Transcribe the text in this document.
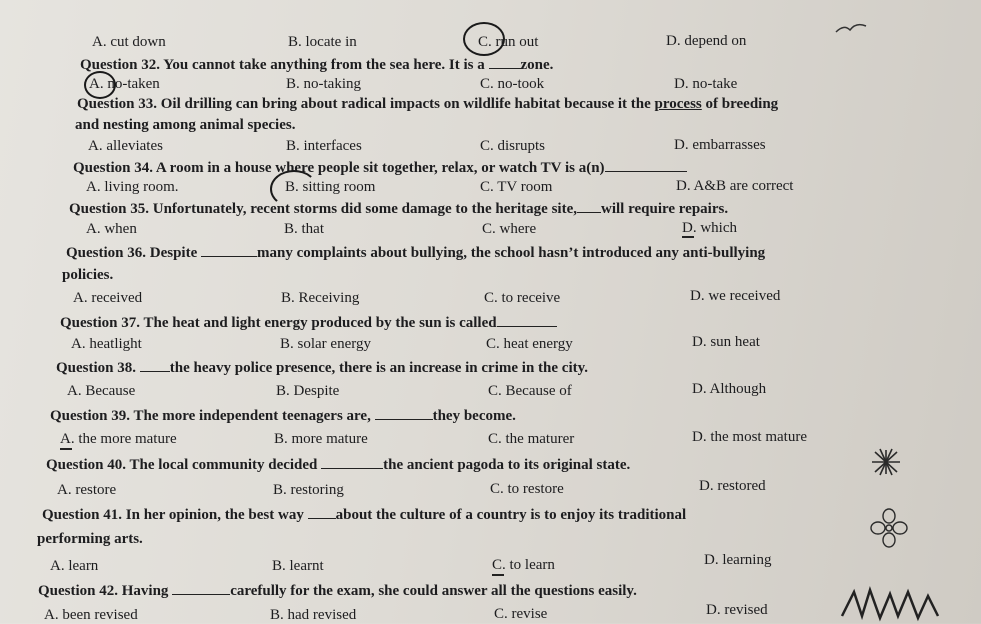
A. cut down	B. locate in	C. run out	D. depend on
Question 32. You cannot take anything from the sea here. It is a zone.
A. no-taken	B. no-taking	C. no-took	D. no-take
Question 33. Oil drilling can bring about radical impacts on wildlife habitat because it the process of breeding
and nesting among animal species.
A. alleviates	B. interfaces	C. disrupts	D. embarrasses
Question 34. A room in a house where people sit together, relax, or watch TV is a(n)
A. living room.	B. sitting room	C. TV room	D. A&B are correct
Question 35. Unfortunately, recent storms did some damage to the heritage site, will require repairs.
A. when	B. that	C. where	D. which
Question 36. Despite	many complaints about bullying, the school hasn’t introduced any anti-bullying
policies.
A. received	B. Receiving	C. to receive	D. we received
Question 37. The heat and light energy produced by the sun is called
A. heatlight	B. solar energy	C. heat energy	D. sun heat
Question 38. the heavy police presence, there is an increase in crime in the city.
A. Because	B. Despite	C. Because of	D. Although
Question 39. The more independent teenagers are,	they become.
A. the more mature	B. more mature	C. the maturer	D. the most mature
Question 40. The local community decided	the ancient pagoda to its original state.
A. restore	B. restoring	C. to restore	D. restored
Question 41. In her opinion, the best way about the culture of a country is to enjoy its traditional
performing arts.
A. learn	B. learnt	C. to learn	D. learning
Question 42. Having	carefully for the exam, she could answer all the questions easily.
A. been revised	B. had revised	C. revise	D. revised
